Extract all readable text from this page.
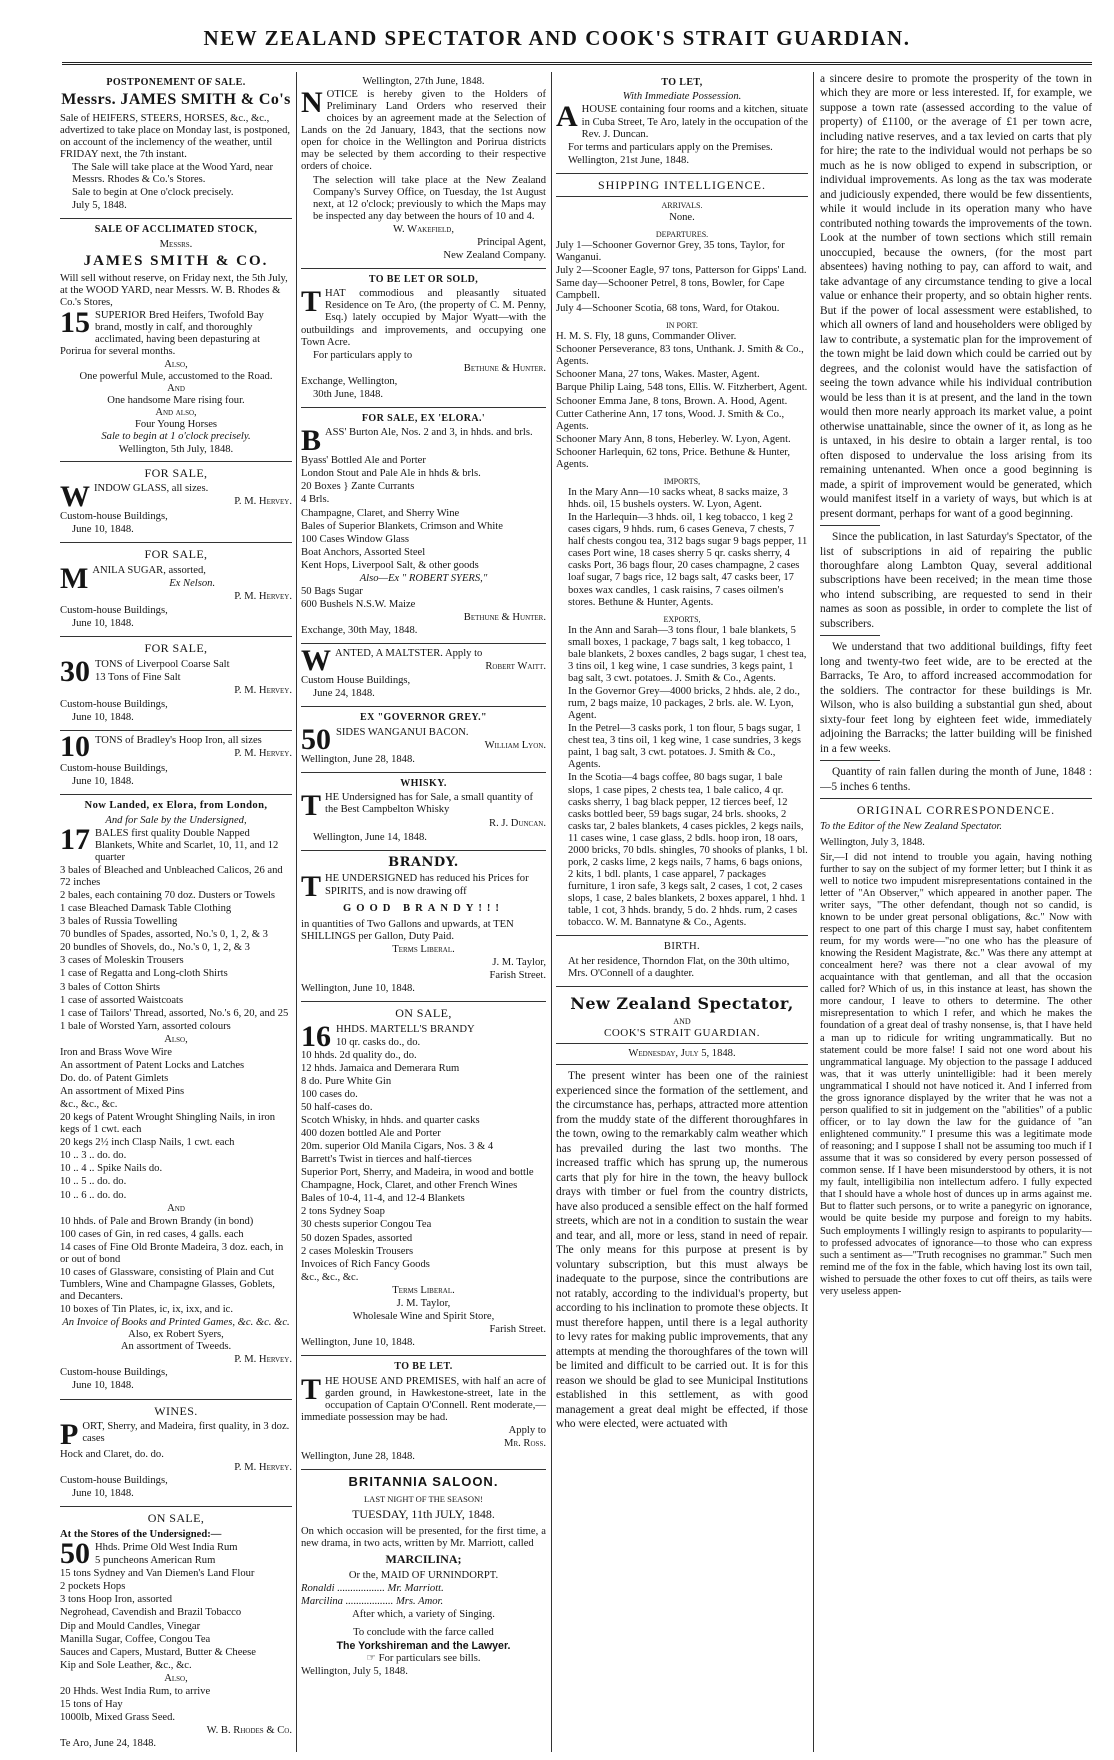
NEW ZEALAND SPECTATOR AND COOK'S STRAIT GUARDIAN.
POSTPONEMENT OF SALE.
Messrs. JAMES SMITH & Co's

Sale of HEIFERS, STEERS, HORSES, &c., &c., advertized to take place on Monday last, is postponed, on account of the inclemency of the weather, until FRIDAY next, the 7th instant.

The Sale will take place at the Wood Yard, near Messrs. Rhodes & Co.'s Stores.

Sale to begin at One o'clock precisely.

July 5, 1848.

SALE OF ACCLIMATED STOCK,
Messrs.
JAMES SMITH & CO.

Will sell without reserve, on Friday next, the 5th July, at the WOOD YARD, near Messrs. W. B. Rhodes & Co.'s Stores,

15 SUPERIOR Bred Heifers, Twofold Bay brand, mostly in calf, and thoroughly acclimated, having been depasturing at Porirua for several months.

Also,
One powerful Mule, accustomed to the Road.
And
One handsome Mare rising four.
And also,
Four Young Horses
Sale to begin at 1 o'clock precisely.
Wellington, 5th July, 1848.
FOR SALE,
W INDOW GLASS, all sizes.

P. M. Hervey.

Custom-house Buildings,

June 10, 1848.

FOR SALE,
M ANILA SUGAR, assorted,

Ex Nelson.

P. M. Hervey.

Custom-house Buildings,

June 10, 1848.

FOR SALE,
30 TONS of Liverpool Coarse Salt

13 Tons of Fine Salt

P. M. Hervey.

Custom-house Buildings,

June 10, 1848.

10 TONS of Bradley's Hoop Iron, all sizes

P. M. Hervey.

Custom-house Buildings,

June 10, 1848.

Now Landed, ex Elora, from London,
And for Sale by the Undersigned,
17 BALES first quality Double Napped Blankets, White and Scarlet, 10, 11, and 12 quarter

3 bales of Bleached and Unbleached Calicos, 26 and 72 inches

2 bales, each containing 70 doz. Dusters or Towels

1 case Bleached Damask Table Clothing

3 bales of Russia Towelling

70 bundles of Spades, assorted, No.'s 0, 1, 2, & 3

20 bundles of Shovels, do., No.'s 0, 1, 2, & 3

3 cases of Moleskin Trousers

1 case of Regatta and Long-cloth Shirts

3 bales of Cotton Shirts

1 case of assorted Waistcoats

1 case of Tailors' Thread, assorted, No.'s 6, 20, and 25

1 bale of Worsted Yarn, assorted colours

Also,

Iron and Brass Wove Wire

An assortment of Patent Locks and Latches

Do. do. of Patent Gimlets

An assortment of Mixed Pins

&c., &c., &c.

20 kegs of Patent Wrought Shingling Nails, in iron kegs of 1 cwt. each

20 kegs 2½ inch Clasp Nails, 1 cwt. each

10 .. 3 .. do. do.

10 .. 4 .. Spike Nails do.

10 .. 5 .. do. do.

10 .. 6 .. do. do.

And

10 hhds. of Pale and Brown Brandy (in bond)

100 cases of Gin, in red cases, 4 galls. each

14 cases of Fine Old Bronte Madeira, 3 doz. each, in or out of bond

10 cases of Glassware, consisting of Plain and Cut Tumblers, Wine and Champagne Glasses, Goblets, and Decanters.

10 boxes of Tin Plates, ic, ix, ixx, and ic.

An Invoice of Books and Printed Games, &c. &c. &c.
Also, ex Robert Syers,
An assortment of Tweeds.

P. M. Hervey.

Custom-house Buildings,

June 10, 1848.

WINES.
P ORT, Sherry, and Madeira, first quality, in 3 doz. cases

Hock and Claret, do. do.

P. M. Hervey.

Custom-house Buildings,

June 10, 1848.

ON SALE,
At the Stores of the Undersigned:—
50 Hhds. Prime Old West India Rum

5 puncheons American Rum

15 tons Sydney and Van Diemen's Land Flour

2 pockets Hops

3 tons Hoop Iron, assorted

Negrohead, Cavendish and Brazil Tobacco

Dip and Mould Candles, Vinegar

Manilla Sugar, Coffee, Congou Tea

Sauces and Capers, Mustard, Butter & Cheese

Kip and Sole Leather, &c., &c.

Also,

20 Hhds. West India Rum, to arrive

15 tons of Hay

1000lb, Mixed Grass Seed.

W. B. Rhodes & Co.

Te Aro, June 24, 1848.

Wellington, 27th June, 1848.

N OTICE is hereby given to the Holders of Preliminary Land Orders who reserved their choices by an agreement made at the Selection of Lands on the 2d January, 1843, that the sections now open for choice in the Wellington and Porirua districts may be selected by them according to their respective orders of choice.

The selection will take place at the New Zealand Company's Survey Office, on Tuesday, the 1st August next, at 12 o'clock; previously to which the Maps may be inspected any day between the hours of 10 and 4.

W. Wakefield,

Principal Agent,

New Zealand Company.

TO BE LET OR SOLD,
T HAT commodious and pleasantly situated Residence on Te Aro, (the property of C. M. Penny, Esq.) lately occupied by Major Wyatt—with the outbuildings and improvements, and occupying one Town Acre.

For particulars apply to

Bethune & Hunter.

Exchange, Wellington,

30th June, 1848.

FOR SALE, EX 'ELORA.'
B ASS' Burton Ale, Nos. 2 and 3, in hhds. and brls.

Byass' Bottled Ale and Porter

London Stout and Pale Ale in hhds & brls.

20 Boxes } Zante Currants

4 Brls.

Champagne, Claret, and Sherry Wine

Bales of Superior Blankets, Crimson and White

100 Cases Window Glass

Boat Anchors, Assorted Steel

Kent Hops, Liverpool Salt, & other goods

Also—Ex " ROBERT SYERS,"

50 Bags Sugar

600 Bushels N.S.W. Maize

Bethune & Hunter.

Exchange, 30th May, 1848.

W ANTED, A MALTSTER. Apply to

Robert Waitt.

Custom House Buildings,

June 24, 1848.

EX "GOVERNOR GREY."
50 SIDES WANGANUI BACON.

William Lyon.

Wellington, June 28, 1848.

WHISKY.
T HE Undersigned has for Sale, a small quantity of the Best Campbelton Whisky

R. J. Duncan.

Wellington, June 14, 1848.

BRANDY.
T HE UNDERSIGNED has reduced his Prices for SPIRITS, and is now drawing off

GOOD BRANDY!!!

in quantities of Two Gallons and upwards, at TEN SHILLINGS per Gallon, Duty Paid.

Terms Liberal.

J. M. Taylor,

Farish Street.

Wellington, June 10, 1848.

ON SALE,
16 HHDS. MARTELL'S BRANDY

10 qr. casks do., do.

10 hhds. 2d quality do., do.

12 hhds. Jamaica and Demerara Rum

8 do. Pure White Gin

100 cases do.

50 half-cases do.

Scotch Whisky, in hhds. and quarter casks

400 dozen bottled Ale and Porter

20m. superior Old Manila Cigars, Nos. 3 & 4

Barrett's Twist in tierces and half-tierces

Superior Port, Sherry, and Madeira, in wood and bottle

Champagne, Hock, Claret, and other French Wines

Bales of 10-4, 11-4, and 12-4 Blankets

2 tons Sydney Soap

30 chests superior Congou Tea

50 dozen Spades, assorted

2 cases Moleskin Trousers

Invoices of Rich Fancy Goods

&c., &c., &c.

Terms Liberal.

J. M. Taylor,

Wholesale Wine and Spirit Store,

Farish Street.

Wellington, June 10, 1848.

TO BE LET.
T HE HOUSE AND PREMISES, with half an acre of garden ground, in Hawkestone-street, late in the occupation of Captain O'Connell. Rent moderate,—immediate possession may be had.

Apply to

Mr. Ross.

Wellington, June 28, 1848.

BRITANNIA SALOON.

LAST NIGHT OF THE SEASON!

TUESDAY, 11th JULY, 1848.

On which occasion will be presented, for the first time, a new drama, in two acts, written by Mr. Marriott, called

MARCILINA;

Or the, MAID OF URNINDORPT.

Ronaldi .................. Mr. Marriott.

Marcilina .................. Mrs. Amor.

After which, a variety of Singing.

To conclude with the farce called

The Yorkshireman and the Lawyer.

☞ For particulars see bills.

Wellington, July 5, 1848.

TO LET,
With Immediate Possession.
A HOUSE containing four rooms and a kitchen, situate in Cuba Street, Te Aro, lately in the occupation of the Rev. J. Duncan.

For terms and particulars apply on the Premises.

Wellington, 21st June, 1848.

SHIPPING INTELLIGENCE.

ARRIVALS.

None.

DEPARTURES.

July 1—Schooner Governor Grey, 35 tons, Taylor, for Wanganui.

July 2—Scooner Eagle, 97 tons, Patterson for Gipps' Land.

Same day—Schooner Petrel, 8 tons, Bowler, for Cape Campbell.

July 4—Schooner Scotia, 68 tons, Ward, for Otakou.

IN PORT.

H. M. S. Fly, 18 guns, Commander Oliver.

Schooner Perseverance, 83 tons, Unthank. J. Smith & Co., Agents.

Schooner Mana, 27 tons, Wakes. Master, Agent.

Barque Philip Laing, 548 tons, Ellis. W. Fitzherbert, Agent.

Schooner Emma Jane, 8 tons, Brown. A. Hood, Agent.

Cutter Catherine Ann, 17 tons, Wood. J. Smith & Co., Agents.

Schooner Mary Ann, 8 tons, Heberley. W. Lyon, Agent.

Schooner Harlequin, 62 tons, Price. Bethune & Hunter, Agents.

IMPORTS,

In the Mary Ann—10 sacks wheat, 8 sacks maize, 3 hhds. oil, 15 bushels oysters. W. Lyon, Agent.

In the Harlequin—3 hhds. oil, 1 keg tobacco, 1 keg 2 cases cigars, 9 hhds. rum, 6 cases Geneva, 7 chests, 7 half chests congou tea, 312 bags sugar 9 bags pepper, 11 cases Port wine, 18 cases sherry 5 qr. casks sherry, 4 casks Port, 36 bags flour, 20 cases champagne, 2 cases loaf sugar, 7 bags rice, 12 bags salt, 47 casks beer, 17 boxes wax candles, 1 cask raisins, 7 cases oilmen's stores. Bethune & Hunter, Agents.

EXPORTS,

In the Ann and Sarah—3 tons flour, 1 bale blankets, 5 small boxes, 1 package, 7 bags salt, 1 keg tobacco, 1 bale blankets, 2 boxes candles, 2 bags sugar, 1 chest tea, 3 tins oil, 1 keg wine, 1 case sundries, 3 kegs paint, 1 bag salt, 3 cwt. potatoes. J. Smith & Co., Agents.

In the Governor Grey—4000 bricks, 2 hhds. ale, 2 do., rum, 2 bags maize, 10 packages, 2 brls. ale. W. Lyon, Agent.

In the Petrel—3 casks pork, 1 ton flour, 5 bags sugar, 1 chest tea, 3 tins oil, 1 keg wine, 1 case sundries, 3 kegs paint, 1 bag salt, 3 cwt. potatoes. J. Smith & Co., Agents.

In the Scotia—4 bags coffee, 80 bags sugar, 1 bale slops, 1 case pipes, 2 chests tea, 1 bale calico, 4 qr. casks sherry, 1 bag black pepper, 12 tierces beef, 12 casks bottled beer, 59 bags sugar, 24 brls. shooks, 2 casks tar, 2 bales blankets, 4 cases pickles, 2 kegs nails, 11 cases wine, 1 case glass, 2 bdls. hoop iron, 18 oars, 2000 bricks, 70 bdls. shingles, 70 shooks of planks, 1 bl. pork, 2 casks lime, 2 kegs nails, 7 hams, 6 bags onions, 2 kits, 1 bdl. plants, 1 case apparel, 7 packages furniture, 1 iron safe, 3 kegs salt, 2 cases, 1 cot, 2 cases slops, 1 case, 2 bales blankets, 2 boxes apparel, 1 hhd. 1 table, 1 cot, 3 hhds. brandy, 5 do. 2 hhds. rum, 2 cases tobacco. W. M. Bannatyne & Co., Agents.

BIRTH.

At her residence, Thorndon Flat, on the 30th ultimo, Mrs. O'Connell of a daughter.

New Zealand Spectator,

AND

COOK'S STRAIT GUARDIAN.

Wednesday, July 5, 1848.

The present winter has been one of the rainiest experienced since the formation of the settlement, and the circumstance has, perhaps, attracted more attention from the muddy state of the different thoroughfares in the town, owing to the remarkably calm weather which has prevailed during the last two months. The increased traffic which has sprung up, the numerous carts that ply for hire in the town, the heavy bullock drays with timber or fuel from the country districts, have also produced a sensible effect on the half formed streets, which are not in a condition to sustain the wear and tear, and all, more or less, stand in need of repair. The only means for this purpose at present is by voluntary subscription, but this must always be inadequate to the purpose, since the contributions are not ratably, according to the individual's property, but according to his inclination to promote these objects. It must therefore happen, until there is a legal authority to levy rates for making public improvements, that any attempts at mending the thoroughfares of the town will be limited and difficult to be carried out. It is for this reason we should be glad to see Municipal Institutions established in this settlement, as with good management a great deal might be effected, if those who were elected, were actuated with

a sincere desire to promote the prosperity of the town in which they are more or less interested. If, for example, we suppose a town rate (assessed according to the value of property) of £1100, or the average of £1 per town acre, including native reserves, and a tax levied on carts that ply for hire; the rate to the individual would not perhaps be so much as he is now obliged to expend in subscription, or individual improvements. As long as the tax was moderate and judiciously expended, there would be few dissentients, while it would include in its operation many who have contributed nothing towards the improvements of the town. Look at the number of town sections which still remain unoccupied, because the owners, (for the most part absentees) having nothing to pay, can afford to wait, and take advantage of any circumstance tending to give a local value or enhance their property, and so obtain higher rents. But if the power of local assessment were established, to which all owners of land and householders were obliged by law to contribute, a systematic plan for the improvement of the town might be laid down which could be carried out by degrees, and the colonist would have the satisfaction of seeing the town advance while his individual contribution would be less than it is at present, and the land in the town would then more nearly approach its market value, a point otherwise unattainable, since the owner of it, as long as he is untaxed, in his desire to obtain a larger rental, is too often disposed to undervalue the loss arising from its remaining untenanted. When once a good beginning is made, a spirit of improvement would be generated, which would manifest itself in a variety of ways, but which is at present dormant, perhaps for want of a good beginning.

Since the publication, in last Saturday's Spectator, of the list of subscriptions in aid of repairing the public thoroughfare along Lambton Quay, several additional subscriptions have been received; in the mean time those who intend subscribing, are requested to send in their names as soon as possible, in order to complete the list of subscribers.

We understand that two additional buildings, fifty feet long and twenty-two feet wide, are to be erected at the Barracks, Te Aro, to afford increased accommodation for the soldiers. The contractor for these buildings is Mr. Wilson, who is also building a substantial gun shed, about sixty-four feet long by eighteen feet wide, immediately adjoining the Barracks; the latter building will be finished in a few weeks.

Quantity of rain fallen during the month of June, 1848 :—5 inches 6 tenths.

ORIGINAL CORRESPONDENCE.

To the Editor of the New Zealand Spectator.

Wellington, July 3, 1848.

Sir,—I did not intend to trouble you again, having nothing further to say on the subject of my former letter; but I think it as well to notice two impudent misrepresentations contained in the letter of "An Observer," which appeared in another paper. The writer says, "The other defendant, though not so candid, is known to be under great personal obligations, &c." Now with respect to one part of this charge I must say, habet confitentem reum, for my words were—"no one who has the pleasure of knowing the Resident Magistrate, &c." Was there any attempt at concealment here? was there not a clear avowal of my acquaintance with that gentleman, and all that the occasion called for? Which of us, in this instance at least, has shown the more candour, I leave to others to determine. The other misrepresentation to which I refer, and which he makes the foundation of a great deal of trashy nonsense, is, that I have held a man up to ridicule for writing ungrammatically. But no statement could be more false! I said not one word about his ungrammatical language. My objection to the passage I adduced was, that it was utterly unintelligible: had it been merely ungrammatical I should not have noticed it. And I inferred from the gross ignorance displayed by the writer that he was not a person qualified to sit in judgement on the "abilities" of a public officer, or to lay down the law for the guidance of "an enlightened community." I presume this was a legitimate mode of reasoning; and I suppose I shall not be assuming too much if I assume that it was so considered by every person possessed of common sense. If I have been misunderstood by others, it is not my fault, intelligibilia non intellectum adfero. I fully expected that I should have a whole host of dunces up in arms against me. But to flatter such persons, or to write a panegyric on ignorance, would be quite beside my purpose and foreign to my habits. Such employments I willingly resign to aspirants to popularity—to professed advocates of ignorance—to those who can express such a sentiment as—"Truth recognises no grammar." Such men remind me of the fox in the fable, which having lost its own tail, wished to persuade the other foxes to cut off theirs, as tails were very useless appen-
